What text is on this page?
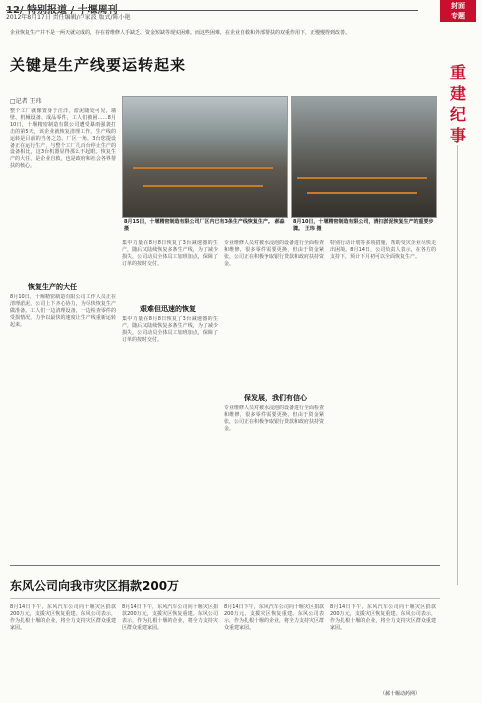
2012年8月17日 责任编辑/卢家波 版式/陈小艳
封面
专题
重
建
纪
事
企业恢复生产并不是一两天就完成的，存在着维修人手缺乏、资金短缺等现实困难。而这些困难，在企业自救和外部帮扶的双重作用下，正慢慢得到改善。
关键是生产线要运转起来
□记者 王玮
整个工厂就像置身于汪洋，淤泥随处可见，墙壁、机械设备、成品零件，工人们被困……8月10日，十堰精密制造有限公司遭受暴雨强袭打击的第5天，该企业就恢复清理工作。生产线的运转是目前的当务之急。厂区一角，3台您提设备正在运行生产，与整个工厂几百台停止生产的设备相比，这3台机器显得那么不起眼。恢复生产的大任，是企业自救，也是政府和社会各界帮扶的核心。
恢复生产的大任
8月10日，十堰精密制造有限公司工作人员正在清理淤泥，公司上下齐心协力，为尽快恢复生产做准备。工人们一边清理设备，一边检查零件的受损情况，力争以最快的速度让生产线重新运转起来。
8月15日，十堰精密制造有限公司厂区内已有3条生产线恢复生产。 郝淼 摄
8月10日，十堰精密制造有限公司，清扫淤泥恢复生产的重要步骤。 王玮 摄
集中力量在8月8日恢复了3台减速器的生产，随后又陆续恢复多条生产线，为了减少损失，公司动员全体员工加班加点，保障了订单的按时交付。
艰难但迅速的恢复
集中力量在8月8日恢复了3台减速器的生产，随后又陆续恢复多条生产线，为了减少损失，公司动员全体员工加班加点，保障了订单的按时交付。
专业维修人员对被水浸泡的设备进行全面检查和维修，很多零件需要更换，但由于资金紧张，公司正在积极争取银行贷款和政府扶持资金。
保发展，我们有信心
专业维修人员对被水浸泡的设备进行全面检查和维修，很多零件需要更换，但由于资金紧张，公司正在积极争取银行贷款和政府扶持资金。
特别行动计划等多项措施，帮助受灾企业尽快走出困境。8月14日，公司负责人表示，在各方的支持下，预计下月初可以全面恢复生产。
东风公司向我市灾区捐款200万
8月14日下午，东风汽车公司向十堰灾区捐款200万元，支援灾区恢复重建。东风公司表示，作为扎根十堰的企业，将全力支持灾区群众重建家园。
8月14日下午，东风汽车公司向十堰灾区捐款200万元，支援灾区恢复重建。东风公司表示，作为扎根十堰的企业，将全力支持灾区群众重建家园。
8月14日下午，东风汽车公司向十堰灾区捐款200万元，支援灾区恢复重建。东风公司表示，作为扎根十堰的企业，将全力支持灾区群众重建家园。
8月14日下午，东风汽车公司向十堰灾区捐款200万元，支援灾区恢复重建。东风公司表示，作为扎根十堰的企业，将全力支持灾区群众重建家园。
（郝十堰动药网）
